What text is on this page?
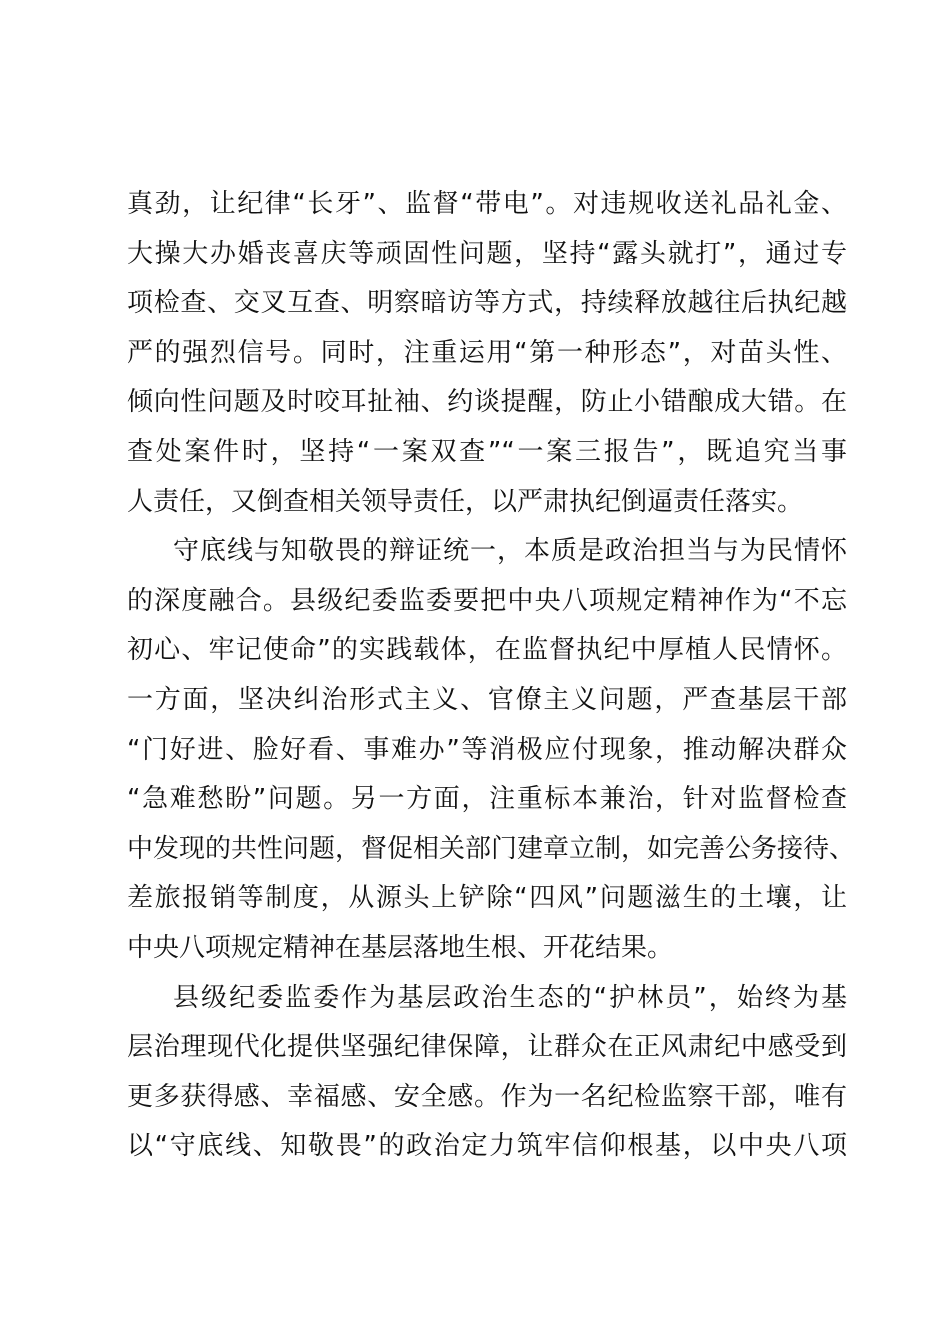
真劲，让纪律“长牙”、监督“带电”。对违规收送礼品礼金、
大操大办婚丧喜庆等顽固性问题，坚持“露头就打”，通过专
项检查、交叉互查、明察暗访等方式，持续释放越往后执纪越
严的强烈信号。同时，注重运用“第一种形态”，对苗头性、
倾向性问题及时咬耳扯袖、约谈提醒，防止小错酿成大错。在
查处案件时，坚持“一案双查”“一案三报告”，既追究当事
人责任，又倒查相关领导责任，以严肃执纪倒逼责任落实。
守底线与知敬畏的辩证统一，本质是政治担当与为民情怀
的深度融合。县级纪委监委要把中央八项规定精神作为“不忘
初心、牢记使命”的实践载体，在监督执纪中厚植人民情怀。
一方面，坚决纠治形式主义、官僚主义问题，严查基层干部
“门好进、脸好看、事难办”等消极应付现象，推动解决群众
“急难愁盼”问题。另一方面，注重标本兼治，针对监督检查
中发现的共性问题，督促相关部门建章立制，如完善公务接待、
差旅报销等制度，从源头上铲除“四风”问题滋生的土壤，让
中央八项规定精神在基层落地生根、开花结果。
县级纪委监委作为基层政治生态的“护林员”，始终为基
层治理现代化提供坚强纪律保障，让群众在正风肃纪中感受到
更多获得感、幸福感、安全感。作为一名纪检监察干部，唯有
以“守底线、知敬畏”的政治定力筑牢信仰根基，以中央八项
